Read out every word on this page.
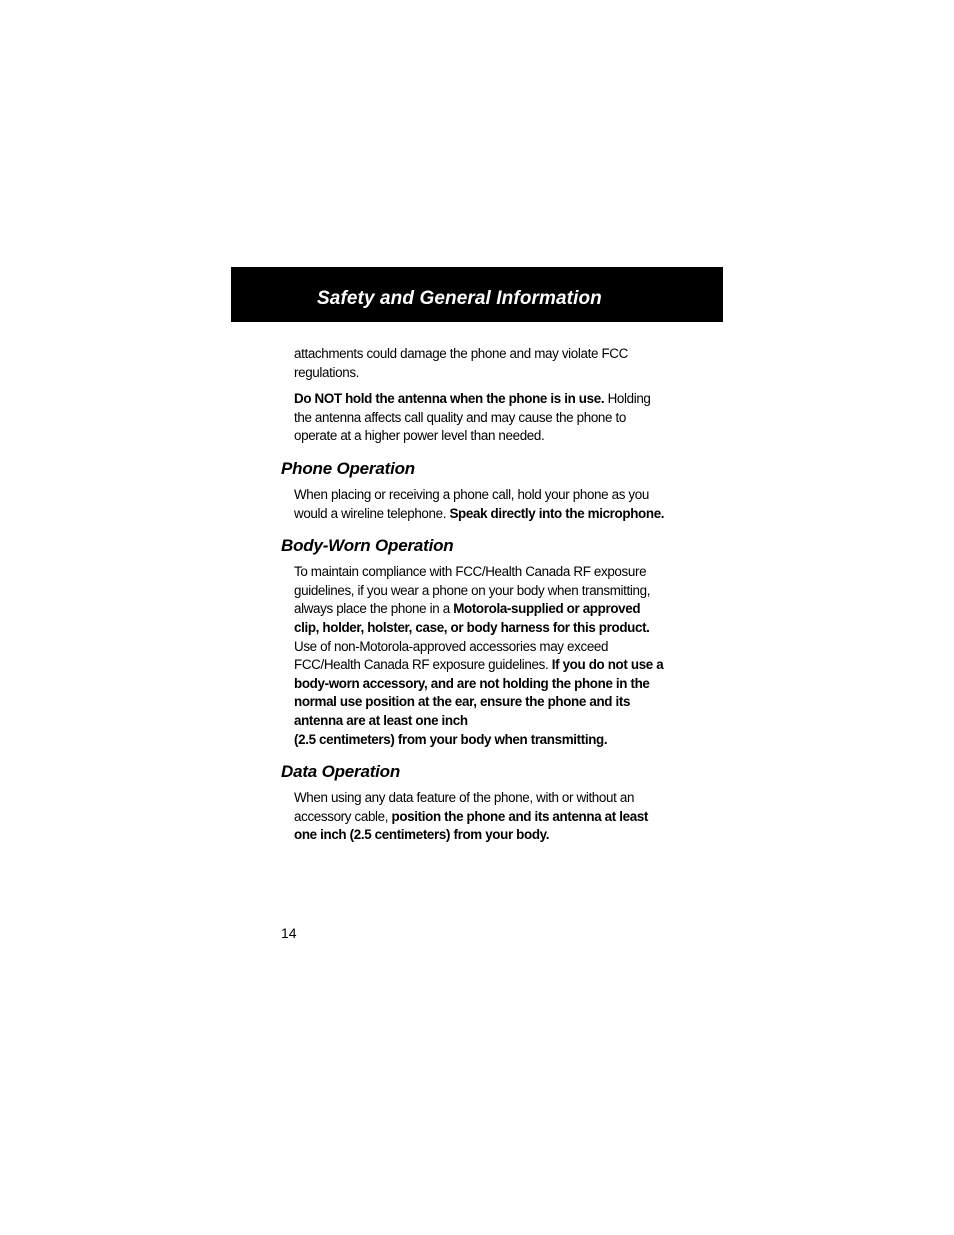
Safety and General Information

attachments could damage the phone and may violate FCC regulations.

Do NOT hold the antenna when the phone is in use. Holding the antenna affects call quality and may cause the phone to operate at a higher power level than needed.

Phone Operation

When placing or receiving a phone call, hold your phone as you would a wireline telephone. Speak directly into the microphone.

Body-Worn Operation

To maintain compliance with FCC/Health Canada RF exposure guidelines, if you wear a phone on your body when transmitting, always place the phone in a Motorola-supplied or approved clip, holder, holster, case, or body harness for this product. Use of non-Motorola-approved accessories may exceed FCC/Health Canada RF exposure guidelines. If you do not use a body-worn accessory, and are not holding the phone in the normal use position at the ear, ensure the phone and its antenna are at least one inch
(2.5 centimeters) from your body when transmitting.

Data Operation

When using any data feature of the phone, with or without an accessory cable, position the phone and its antenna at least one inch (2.5 centimeters) from your body.

14
